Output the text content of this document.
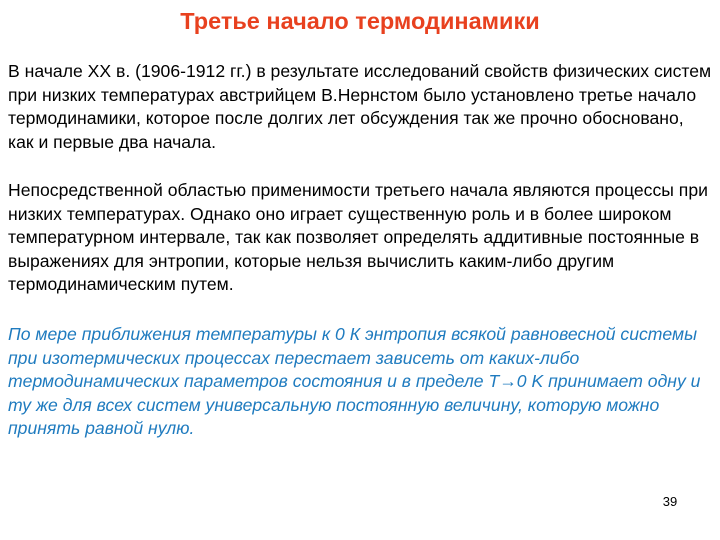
Третье начало термодинамики

В начале XX в. (1906-1912 гг.) в результате исследований свойств физических систем при низких температурах австрийцем В.Нернстом было установлено третье начало термодинамики, которое после долгих лет обсуждения так же прочно обосновано, как и первые два начала.

Непосредственной областью применимости третьего начала являются процессы при низких температурах. Однако оно играет существенную роль и в более широком температурном интервале, так как позволяет определять аддитивные постоянные в выражениях для энтропии, которые нельзя вычислить каким-либо другим термодинамическим путем.

По мере приближения температуры к 0 К энтропия всякой равновесной системы при изотермических процессах перестает зависеть от каких-либо термодинамических параметров состояния и в пределе T→0 K принимает одну и ту же для всех систем универсальную постоянную величину, которую можно принять равной нулю.

39
